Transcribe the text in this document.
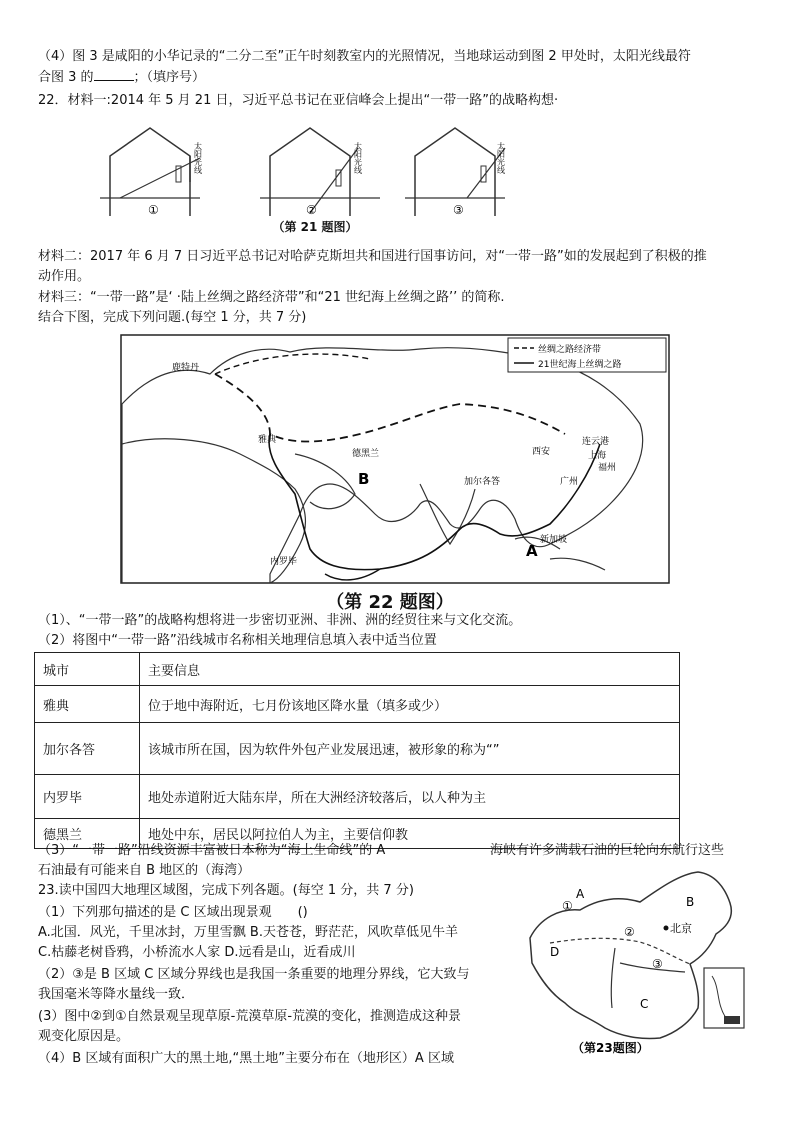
（4）图 3 是咸阳的小华记录的“二分二至”正午时刻教室内的光照情况，当地球运动到图 2 甲处时，太阳光线最符
合图 3 的	；（填序号）
22．材料一:2014 年 5 月 21 日，习近平总书记在亚信峰会上提出“一带一路”的战略构想·
太阳光线
①
太阳光线
②
太阳光线
③
（第 21 题图）
材料二：2017 年 6 月 7 日习近平总书记对哈萨克斯坦共和国进行国事访问，对“一带一路”如的发展起到了积极的推
动作用。
材料三：“一带一路”是‘ ·陆上丝绸之路经济带”和“21 世纪海上丝绸之路’’ 的简称.
结合下图，完成下列问题.(每空 1 分，共 7 分)
丝绸之路经济带
21世纪海上丝绸之路
鹿特丹
雅典
德黑兰	西安
连云港
上海
福州
广州
加尔各答
新加坡
内罗毕
B
A
（第 22 题图）
（1）、“一带一路”的战略构想将进一步密切亚洲、非洲、洲的经贸往来与文化交流。
（2）将图中“一带一路”沿线城市名称相关地理信息填入表中适当位置
城市	主要信息
雅典	位于地中海附近，七月份该地区降水量（填多或少）
加尔各答	该城市所在国，因为软件外包产业发展迅速，被形象的称为“”
内罗毕	地处赤道附近大陆东岸，所在大洲经济较落后，以人种为主
德黑兰	地处中东，居民以阿拉伯人为主，主要信仰教
（3）“一带一路”沿线资源丰富被日本称为“海上生命线”的 A	海峡有许多满载石油的巨轮向东航行这些
石油最有可能来自 B 地区的（海湾）
23.读中国四大地理区域图，完成下列各题。(每空 1 分，共 7 分)
（1）下列那句描述的是 C 区域出现景观　　()
A.北国．风光，千里冰封，万里雪飘 B.天苍苍，野茫茫，风吹草低见牛羊
C.枯藤老树昏鸦，小桥流水人家 D.远看是山，近看成川
（2）③是 B 区域 C 区域分界线也是我国一条重要的地理分界线，它大致与
我国毫米等降水量线一致．
(3）图中②到①自然景观呈现草原-荒漠草原-荒漠的变化，推测造成这种景
观变化原因是。
（4）B 区域有面积广大的黑土地,“黑土地”主要分布在（地形区）A 区域
①
A
②
B
北京
③
D
C
（第23题图）
